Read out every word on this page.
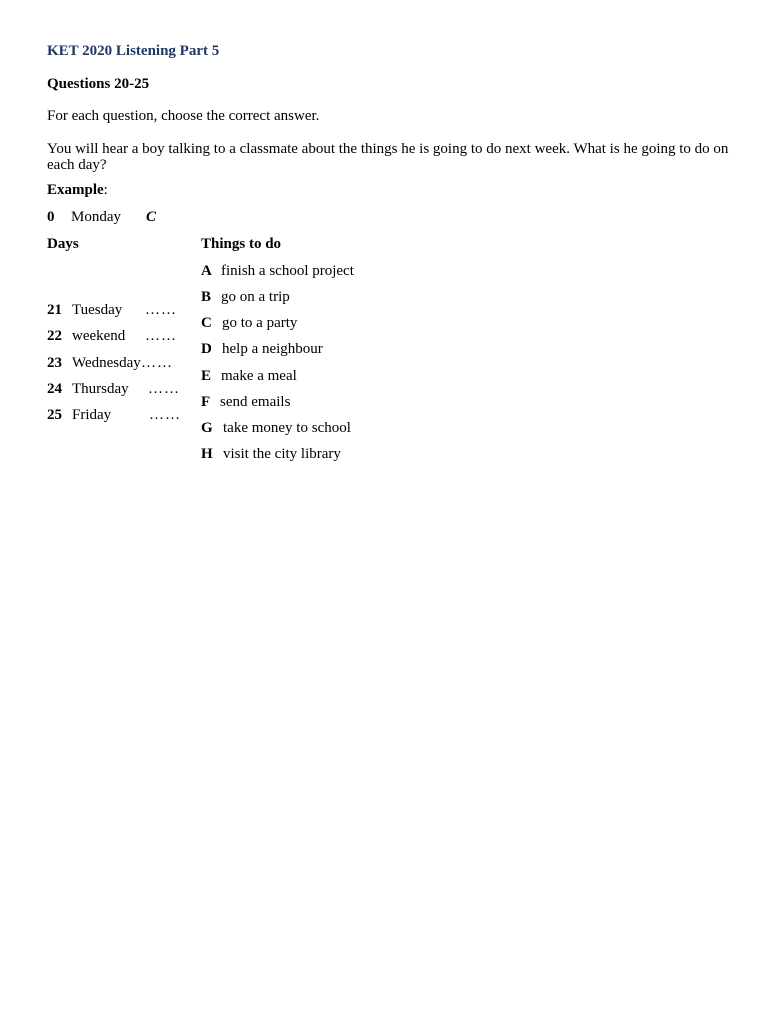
KET 2020 Listening Part 5
Questions 20-25
For each question, choose the correct answer.
You will hear a boy talking to a classmate about the things he is going to do next week. What is he going to do on each day?
Example:
0 Monday C
Days	Things to do
21 Tuesday ……
22 weekend ……
23 Wednesday ……
24 Thursday ……
25 Friday	……
A finish a school project
B go on a trip
C go to a party
D help a neighbour
E make a meal
F send emails
G take money to school
H visit the city library
